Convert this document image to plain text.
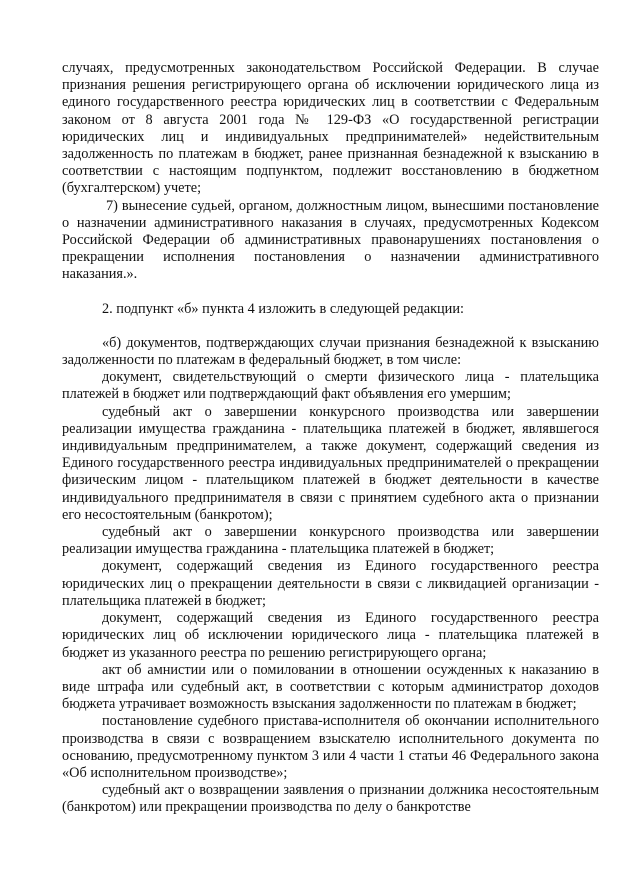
случаях, предусмотренных законодательством Российской Федерации. В случае признания решения регистрирующего органа об исключении юридического лица из единого государственного реестра юридических лиц в соответствии с Федеральным законом от 8 августа 2001 года № 129-ФЗ «О государственной регистрации юридических лиц и индивидуальных предпринимателей» недействительным задолженность по платежам в бюджет, ранее признанная безнадежной к взысканию в соответствии с настоящим подпунктом, подлежит восстановлению в бюджетном (бухгалтерском) учете;

7) вынесение судьей, органом, должностным лицом, вынесшими постановление о назначении административного наказания в случаях, предусмотренных Кодексом Российской Федерации об административных правонарушениях постановления о прекращении исполнения постановления о назначении административного наказания.».

2. подпункт «б» пункта 4 изложить в следующей редакции:

«б) документов, подтверждающих случаи признания безнадежной к взысканию задолженности по платежам в федеральный бюджет, в том числе:

документ, свидетельствующий о смерти физического лица - плательщика платежей в бюджет или подтверждающий факт объявления его умершим;

судебный акт о завершении конкурсного производства или завершении реализации имущества гражданина - плательщика платежей в бюджет, являвшегося индивидуальным предпринимателем, а также документ, содержащий сведения из Единого государственного реестра индивидуальных предпринимателей о прекращении физическим лицом - плательщиком платежей в бюджет деятельности в качестве индивидуального предпринимателя в связи с принятием судебного акта о признании его несостоятельным (банкротом);

судебный акт о завершении конкурсного производства или завершении реализации имущества гражданина - плательщика платежей в бюджет;

документ, содержащий сведения из Единого государственного реестра юридических лиц о прекращении деятельности в связи с ликвидацией организации - плательщика платежей в бюджет;

документ, содержащий сведения из Единого государственного реестра юридических лиц об исключении юридического лица - плательщика платежей в бюджет из указанного реестра по решению регистрирующего органа;

акт об амнистии или о помиловании в отношении осужденных к наказанию в виде штрафа или судебный акт, в соответствии с которым администратор доходов бюджета утрачивает возможность взыскания задолженности по платежам в бюджет;

постановление судебного пристава-исполнителя об окончании исполнительного производства в связи с возвращением взыскателю исполнительного документа по основанию, предусмотренному пунктом 3 или 4 части 1 статьи 46 Федерального закона «Об исполнительном производстве»;

судебный акт о возвращении заявления о признании должника несостоятельным (банкротом) или прекращении производства по делу о банкротстве
